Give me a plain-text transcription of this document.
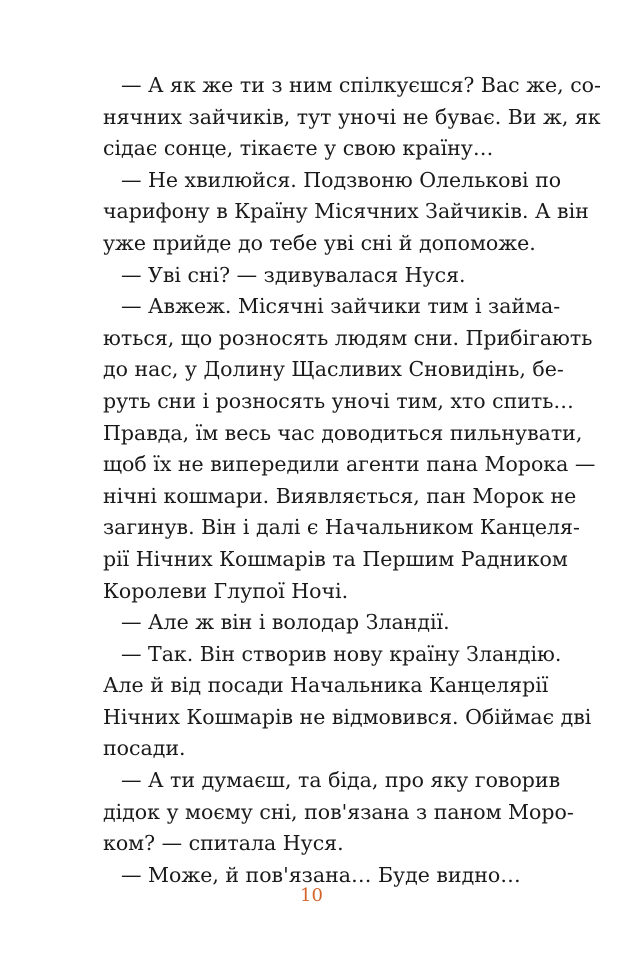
— А як же ти з ним спілкуєшся? Вас же, со-
нячних зайчиків, тут уночі не буває. Ви ж, як
сідає сонце, тікаєте у свою країну…
— Не хвилюйся. Подзвоню Олельковi по
чарифону в Країну Місячних Зайчиків. А він
уже прийде до тебе уві сні й допоможе.
— Уві сні? — здивувалася Нуся.
— Авжеж. Місячні зайчики тим і займа-
ються, що розносять людям сни. Прибігають
до нас, у Долину Щасливих Сновидінь, бе-
руть сни і розносять уночі тим, хто спить…
Правда, їм весь час доводиться пильнувати,
щоб їх не випередили агенти пана Морока —
нічні кошмари. Виявляється, пан Морок не
загинув. Він і далі є Начальником Канцеля-
рії Нічних Кошмарів та Першим Радником
Королеви Глупої Ночі.
— Але ж він і володар Зландії.
— Так. Він створив нову країну Зландію.
Але й від посади Начальника Канцелярії
Нічних Кошмарів не відмовився. Обіймає дві
посади.
— А ти думаєш, та біда, про яку говорив
дідок у моєму сні, пов'язана з паном Моро-
ком? — спитала Нуся.
— Може, й пов'язана… Буде видно…
10
